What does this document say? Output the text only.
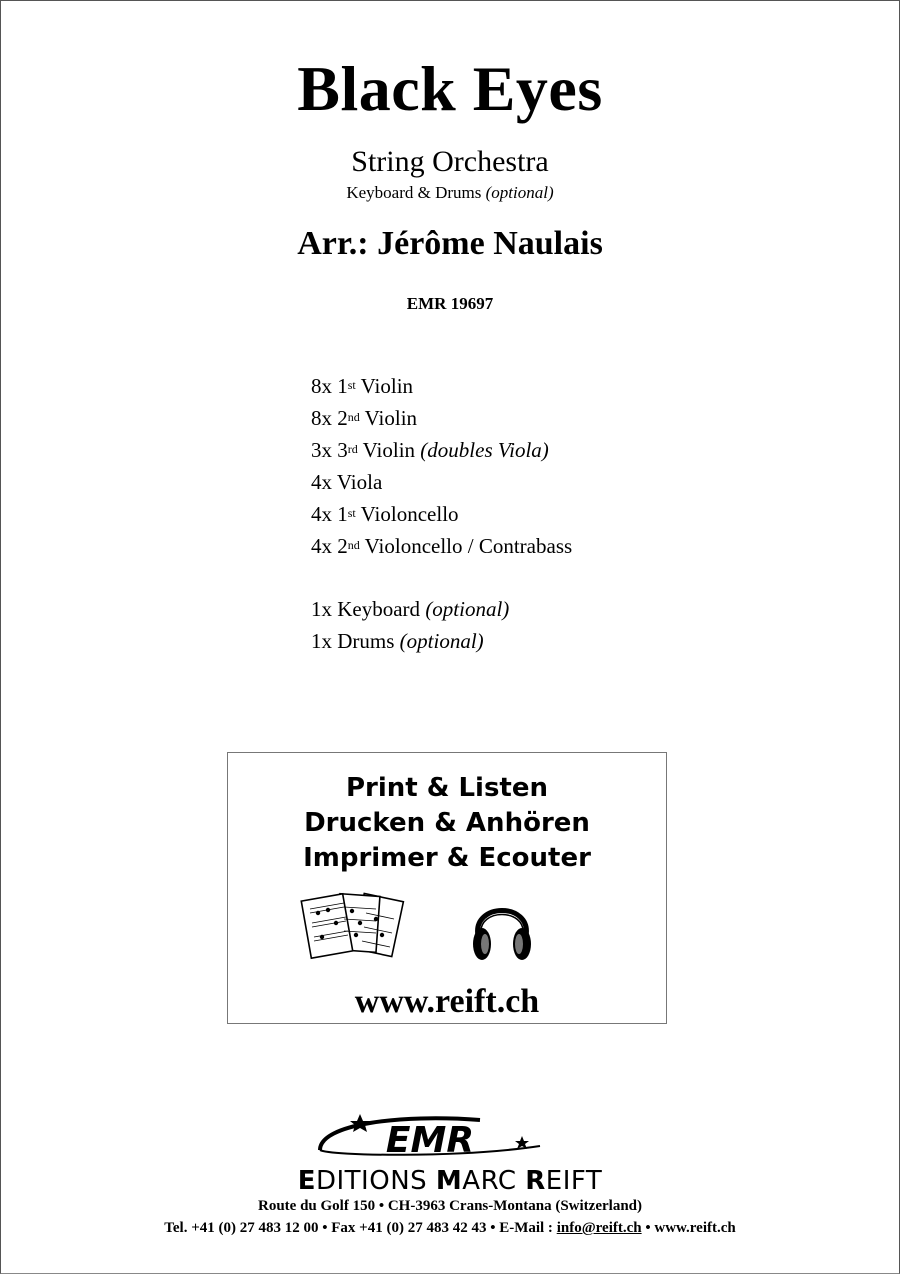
Black Eyes
String Orchestra
Keyboard & Drums (optional)
Arr.: Jérôme Naulais
EMR 19697
8x 1st Violin
8x 2nd Violin
3x 3rd Violin (doubles Viola)
4x Viola
4x 1st Violoncello
4x 2nd Violoncello / Contrabass
1x Keyboard (optional)
1x Drums (optional)
Print & Listen
Drucken & Anhören
Imprimer & Ecouter
www.reift.ch
EMR
EDITIONS MARC REIFT
Route du Golf 150 • CH-3963 Crans-Montana (Switzerland)
Tel. +41 (0) 27 483 12 00 • Fax +41 (0) 27 483 42 43 • E-Mail : info@reift.ch • www.reift.ch
